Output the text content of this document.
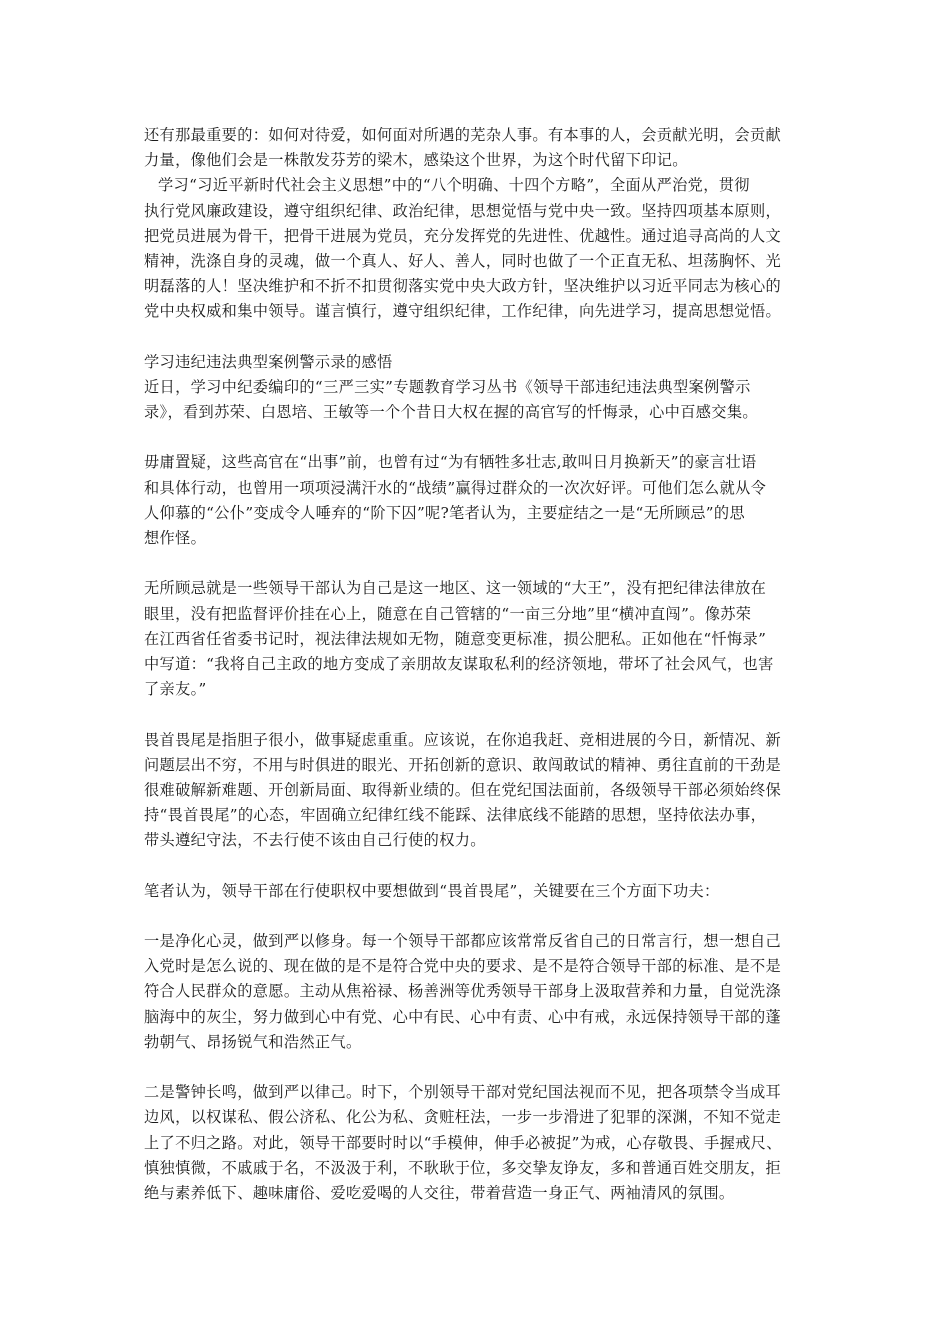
还有那最重要的：如何对待爱，如何面对所遇的芜杂人事。有本事的人，会贡献光明，会贡献
力量，像他们会是一株散发芬芳的梁木，感染这个世界，为这个时代留下印记。
学习“习近平新时代社会主义思想”中的“八个明确、十四个方略”，全面从严治党，贯彻
执行党风廉政建设，遵守组织纪律、政治纪律，思想觉悟与党中央一致。坚持四项基本原则，
把党员进展为骨干，把骨干进展为党员，充分发挥党的先进性、优越性。通过追寻高尚的人文
精神，洗涤自身的灵魂，做一个真人、好人、善人，同时也做了一个正直无私、坦荡胸怀、光
明磊落的人！坚决维护和不折不扣贯彻落实党中央大政方针，坚决维护以习近平同志为核心的
党中央权威和集中领导。谨言慎行，遵守组织纪律，工作纪律，向先进学习，提高思想觉悟。
学习违纪违法典型案例警示录的感悟
近日，学习中纪委编印的“三严三实”专题教育学习丛书《领导干部违纪违法典型案例警示
录》，看到苏荣、白恩培、王敏等一个个昔日大权在握的高官写的忏悔录，心中百感交集。
毋庸置疑，这些高官在“出事”前，也曾有过“为有牺牲多壮志,敢叫日月换新天”的豪言壮语
和具体行动，也曾用一项项浸满汗水的“战绩”赢得过群众的一次次好评。可他们怎么就从令
人仰慕的“公仆”变成令人唾弃的“阶下囚”呢?笔者认为，主要症结之一是“无所顾忌”的思
想作怪。
无所顾忌就是一些领导干部认为自己是这一地区、这一领域的“大王”，没有把纪律法律放在
眼里，没有把监督评价挂在心上，随意在自己管辖的“一亩三分地”里“横冲直闯”。像苏荣
在江西省任省委书记时，视法律法规如无物，随意变更标准，损公肥私。正如他在“忏悔录”
中写道：“我将自己主政的地方变成了亲朋故友谋取私利的经济领地，带坏了社会风气，也害
了亲友。”
畏首畏尾是指胆子很小，做事疑虑重重。应该说，在你追我赶、竞相进展的今日，新情况、新
问题层出不穷，不用与时俱进的眼光、开拓创新的意识、敢闯敢试的精神、勇往直前的干劲是
很难破解新难题、开创新局面、取得新业绩的。但在党纪国法面前，各级领导干部必须始终保
持“畏首畏尾”的心态，牢固确立纪律红线不能踩、法律底线不能踏的思想，坚持依法办事，
带头遵纪守法，不去行使不该由自己行使的权力。
笔者认为，领导干部在行使职权中要想做到“畏首畏尾”，关键要在三个方面下功夫：
一是净化心灵，做到严以修身。每一个领导干部都应该常常反省自己的日常言行，想一想自己
入党时是怎么说的、现在做的是不是符合党中央的要求、是不是符合领导干部的标准、是不是
符合人民群众的意愿。主动从焦裕禄、杨善洲等优秀领导干部身上汲取营养和力量，自觉洗涤
脑海中的灰尘，努力做到心中有党、心中有民、心中有责、心中有戒，永远保持领导干部的蓬
勃朝气、昂扬锐气和浩然正气。
二是警钟长鸣，做到严以律己。时下，个别领导干部对党纪国法视而不见，把各项禁令当成耳
边风，以权谋私、假公济私、化公为私、贪赃枉法，一步一步滑进了犯罪的深渊，不知不觉走
上了不归之路。对此，领导干部要时时以“手模伸，伸手必被捉”为戒，心存敬畏、手握戒尺、
慎独慎微，不戚戚于名，不汲汲于利，不耿耿于位，多交挚友诤友，多和普通百姓交朋友，拒
绝与素养低下、趣味庸俗、爱吃爱喝的人交往，带着营造一身正气、两袖清风的氛围。
